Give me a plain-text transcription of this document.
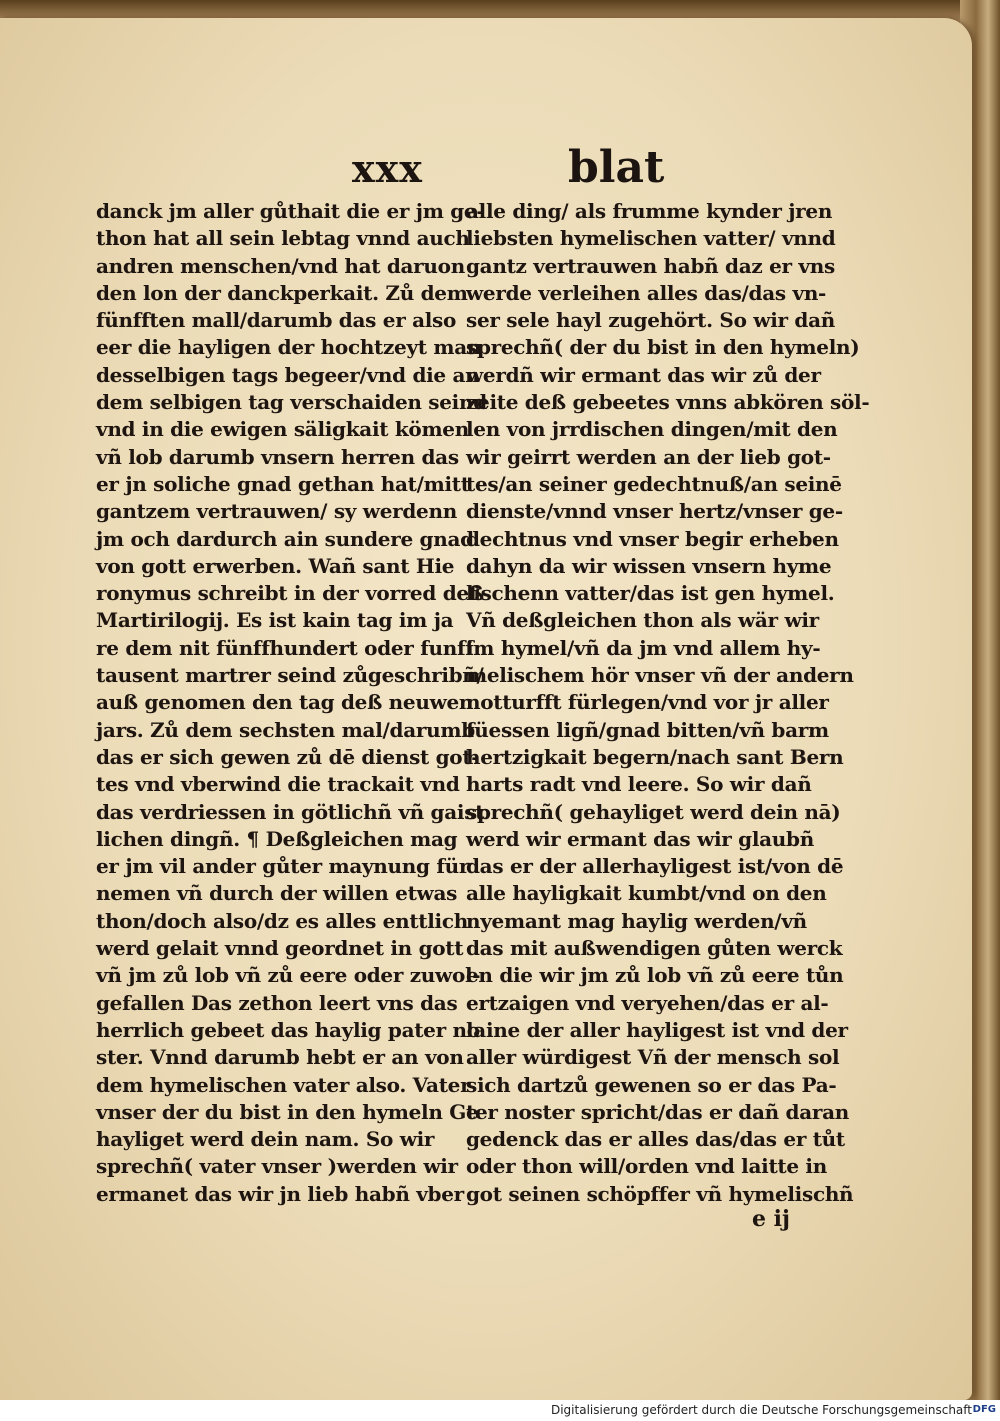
xxx	blat
danck jm aller gůthait die er jm ge-
thon hat all sein lebtag vnnd auch
andren menschen/vnd hat daruon
den lon der danckperkait. Zů dem
fünfften mall/darumb das er also
eer die hayligen der hochtzeyt man
desselbigen tags begeer/vnd die an
dem selbigen tag verschaiden seind
vnd in die ewigen säligkait kömen
vñ lob darumb vnsern herren das
er jn soliche gnad gethan hat/mitt
gantzem vertrauwen/ sy werdenn
jm och dardurch ain sundere gnad
von gott erwerben. Wañ sant Hie
ronymus schreibt in der vorred deß
Martirilogij. Es ist kain tag im ja
re dem nit fünffhundert oder funff
tausent martrer seind zůgeschribñ/
auß genomen den tag deß neuwen
jars. Zů dem sechsten mal/darumb
das er sich gewen zů dē dienst got-
tes vnd vberwind die trackait vnd
das verdriessen in götlichñ vñ gaist
lichen dingñ. ¶ Deßgleichen mag
er jm vil ander gůter maynung für
nemen vñ durch der willen etwas
thon/doch also/dz es alles enttlich
werd gelait vnnd geordnet in gott
vñ jm zů lob vñ zů eere oder zuwol-
gefallen Das zethon leert vns das
herrlich gebeet das haylig pater no
ster. Vnnd darumb hebt er an von
dem hymelischen vater also. Vater
vnser der du bist in den hymeln Ge
hayliget werd dein nam. So wir
sprechñ( vater vnser )werden wir
ermanet das wir jn lieb habñ vber
alle ding/ als frumme kynder jren
liebsten hymelischen vatter/ vnnd
gantz vertrauwen habñ daz er vns
werde verleihen alles das/das vn-
ser sele hayl zugehört. So wir dañ
sprechñ( der du bist in den hymeln)
werdñ wir ermant das wir zů der
zeite deß gebeetes vnns abkören söl-
len von jrrdischen dingen/mit den
wir geirrt werden an der lieb got-
tes/an seiner gedechtnuß/an seinē
dienste/vnnd vnser hertz/vnser ge-
dechtnus vnd vnser begir erheben
dahyn da wir wissen vnsern hyme
lischenn vatter/das ist gen hymel.
Vñ deßgleichen thon als wär wir
im hymel/vñ da jm vnd allem hy-
melischem hör vnser vñ der andern
notturfft fürlegen/vnd vor jr aller
füessen ligñ/gnad bitten/vñ barm
hertzigkait begern/nach sant Bern
harts radt vnd leere. So wir dañ
sprechñ( gehayliget werd dein nā)
werd wir ermant das wir glaubñ
das er der allerhayligest ist/von dē
alle hayligkait kumbt/vnd on den
nyemant mag haylig werden/vñ
das mit außwendigen gůten werck
en die wir jm zů lob vñ zů eere tůn
ertzaigen vnd veryehen/das er al-
laine der aller hayligest ist vnd der
aller würdigest Vñ der mensch sol
sich dartzů gewenen so er das Pa-
ter noster spricht/das er dañ daran
gedenck das er alles das/das er tůt
oder thon will/orden vnd laitte in
got seinen schöpffer vñ hymelischñ
e ij
Digitalisierung gefördert durch die Deutsche Forschungsgemeinschaft DFG
